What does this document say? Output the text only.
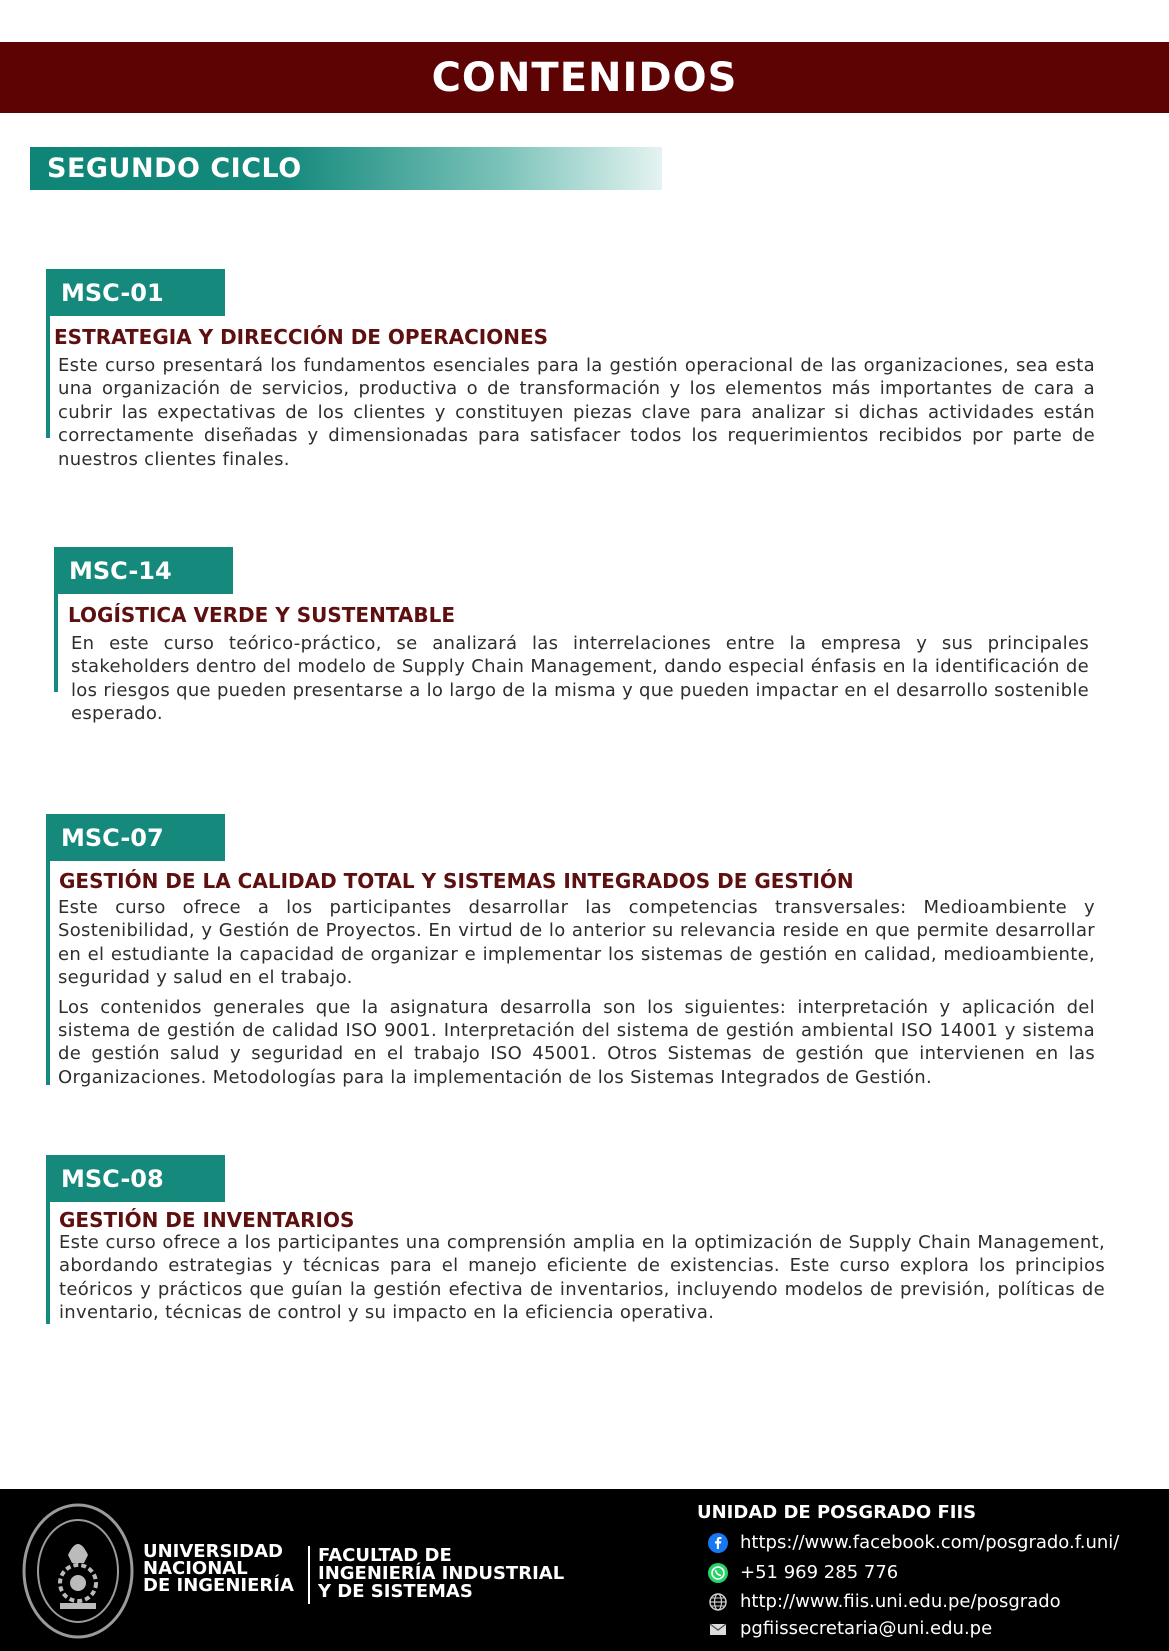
CONTENIDOS
SEGUNDO CICLO
MSC-01
ESTRATEGIA Y DIRECCIÓN DE OPERACIONES

Este curso presentará los fundamentos esenciales para la gestión operacional de las organizaciones, sea esta una organización de servicios, productiva o de transformación y los elementos más importantes de cara a cubrir las expectativas de los clientes y constituyen piezas clave para analizar si dichas actividades están correctamente diseñadas y dimensionadas para satisfacer todos los requerimientos recibidos por parte de nuestros clientes finales.

MSC-14
LOGÍSTICA VERDE Y SUSTENTABLE

En este curso teórico-práctico, se analizará las interrelaciones entre la empresa y sus principales stakeholders dentro del modelo de Supply Chain Management, dando especial énfasis en la identificación de los riesgos que pueden presentarse a lo largo de la misma y que pueden impactar en el desarrollo sostenible esperado.

MSC-07
GESTIÓN DE LA CALIDAD TOTAL Y SISTEMAS INTEGRADOS DE GESTIÓN

Este curso ofrece a los participantes desarrollar las competencias transversales: Medioambiente y Sostenibilidad, y Gestión de Proyectos. En virtud de lo anterior su relevancia reside en que permite desarrollar en el estudiante la capacidad de organizar e implementar los sistemas de gestión en calidad, medioambiente, seguridad y salud en el trabajo.

Los contenidos generales que la asignatura desarrolla son los siguientes: interpretación y aplicación del sistema de gestión de calidad ISO 9001. Interpretación del sistema de gestión ambiental ISO 14001 y sistema de gestión salud y seguridad en el trabajo ISO 45001. Otros Sistemas de gestión que intervienen en las Organizaciones. Metodologías para la implementación de los Sistemas Integrados de Gestión.

MSC-08
GESTIÓN DE INVENTARIOS

Este curso ofrece a los participantes una comprensión amplia en la optimización de Supply Chain Management, abordando estrategias y técnicas para el manejo eficiente de existencias. Este curso explora los principios teóricos y prácticos que guían la gestión efectiva de inventarios, incluyendo modelos de previsión, políticas de inventario, técnicas de control y su impacto en la eficiencia operativa.

UNIVERSIDAD
NACIONAL
DE INGENIERÍA
FACULTAD DE
INGENIERÍA INDUSTRIAL
Y DE SISTEMAS
UNIDAD DE POSGRADO FIIS
https://www.facebook.com/posgrado.f.uni/
+51 969 285 776
http://www.fiis.uni.edu.pe/posgrado
pgfiissecretaria@uni.edu.pe
